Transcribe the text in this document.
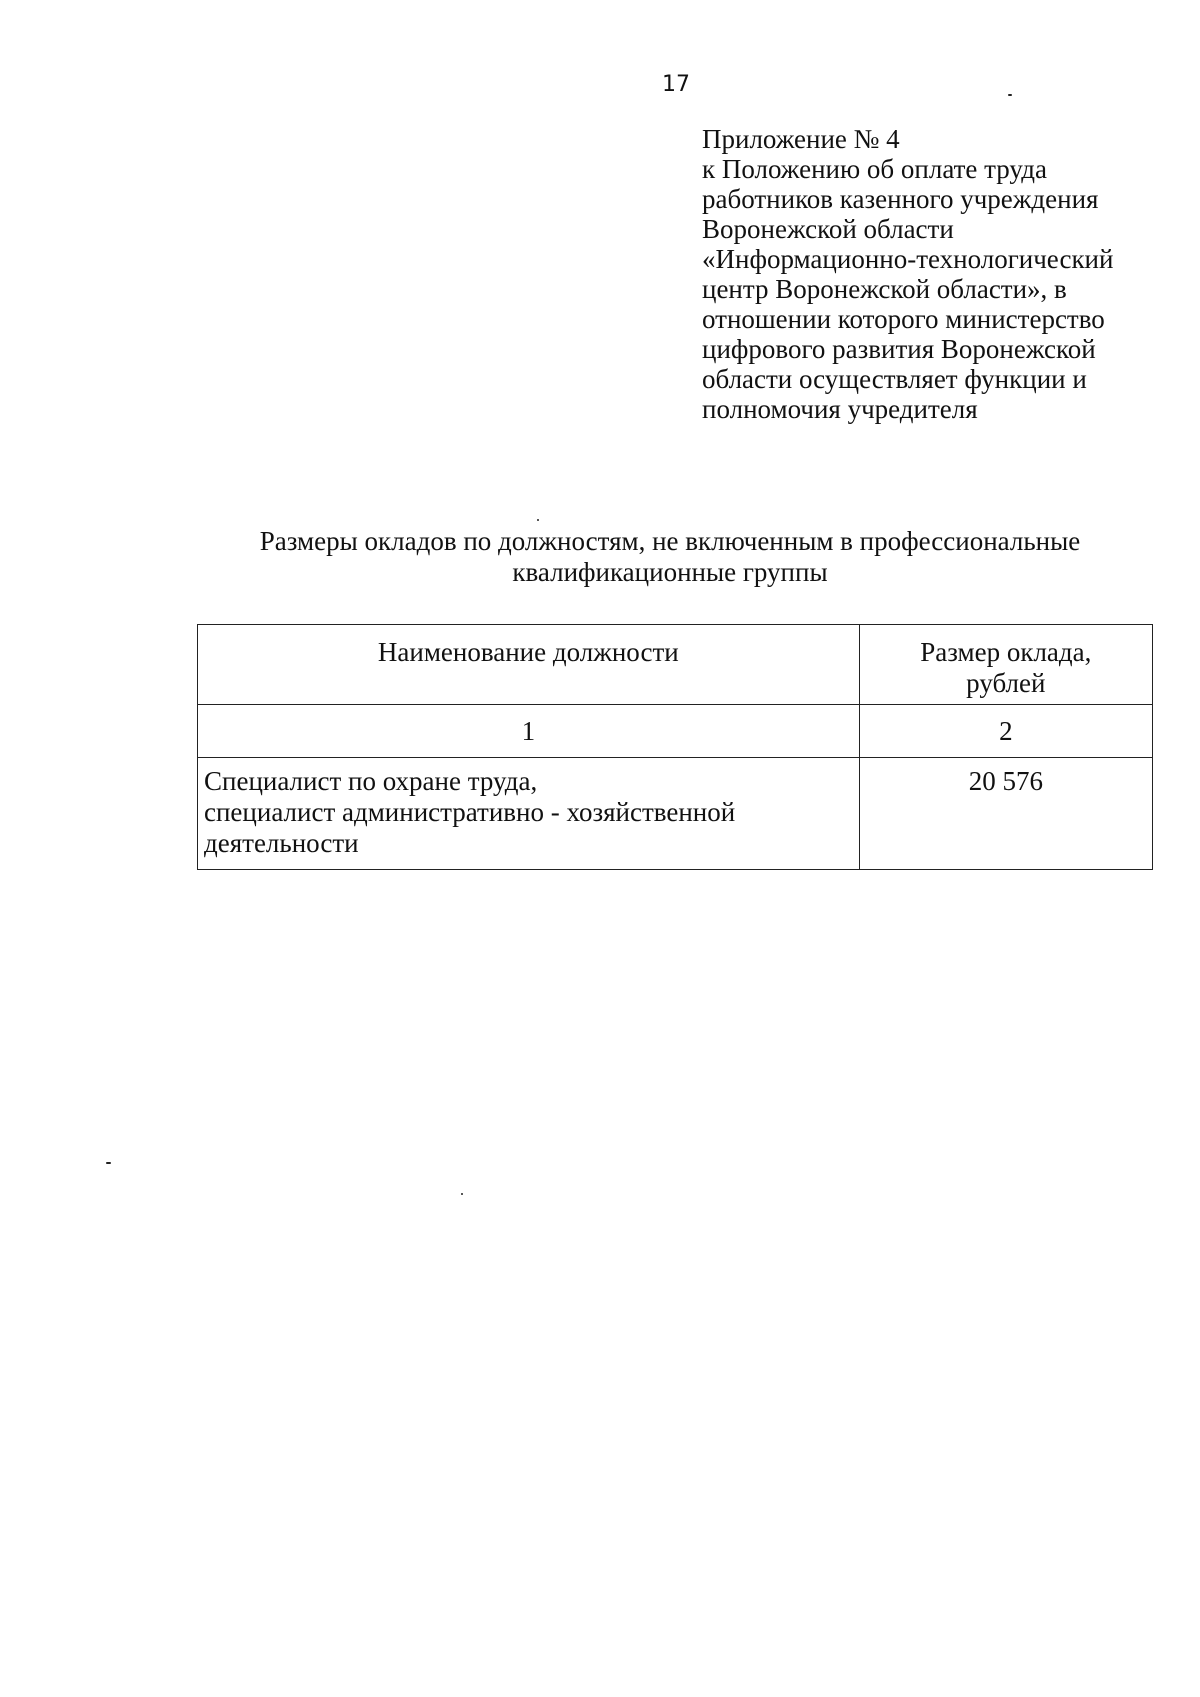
17
Приложение № 4
к Положению об оплате труда
работников казенного учреждения
Воронежской области
«Информационно-технологический
центр Воронежской области», в
отношении которого министерство
цифрового развития Воронежской
области осуществляет функции и
полномочия учредителя
Размеры окладов по должностям, не включенным в профессиональные
квалификационные группы
Наименование должности	Размер оклада,
рублей

1	2

Специалист по охране труда,
специалист административно - хозяйственной
деятельности	20 576
